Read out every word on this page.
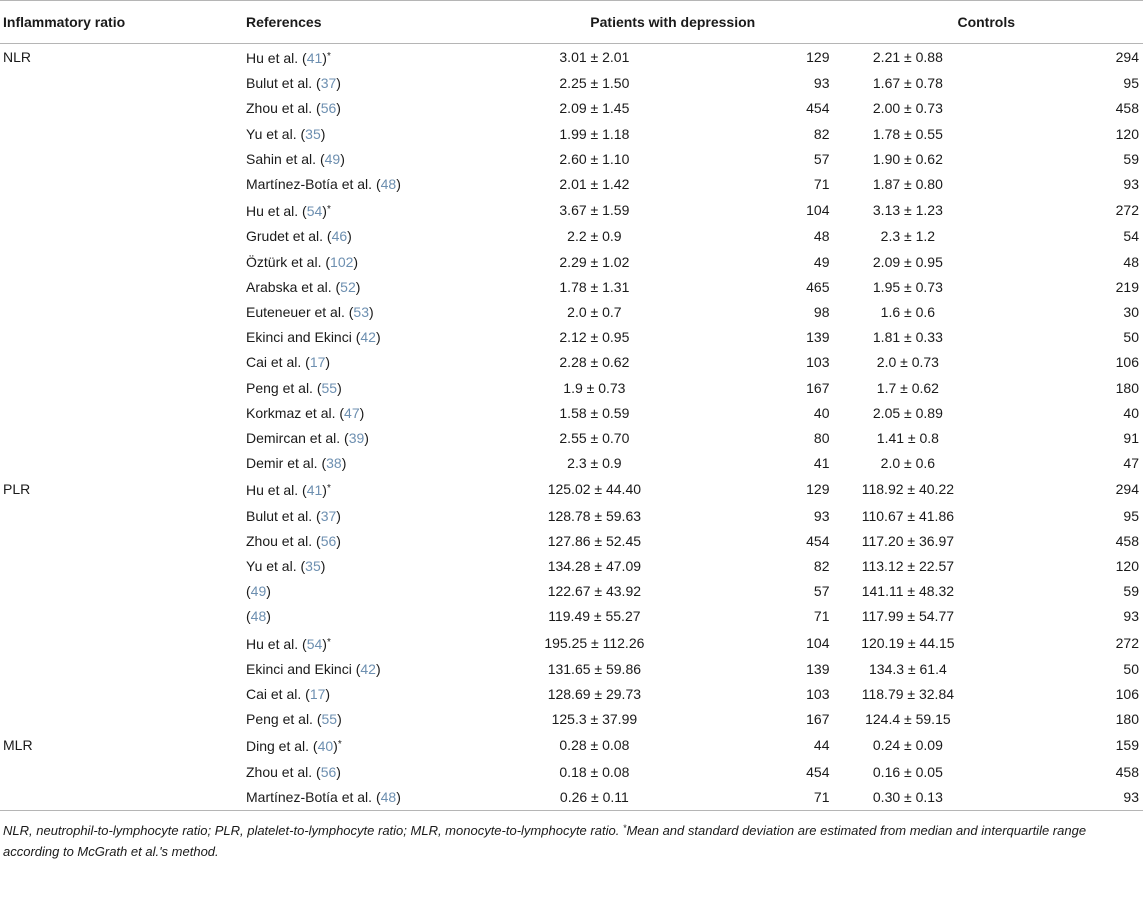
Inflammatory ratio	References	Patients with depression		Controls	
NLR	Hu et al. (41)*	3.01 ± 2.01	129	2.21 ± 0.88	294
	Bulut et al. (37)	2.25 ± 1.50	93	1.67 ± 0.78	95
	Zhou et al. (56)	2.09 ± 1.45	454	2.00 ± 0.73	458
	Yu et al. (35)	1.99 ± 1.18	82	1.78 ± 0.55	120
	Sahin et al. (49)	2.60 ± 1.10	57	1.90 ± 0.62	59
	Martínez-Botía et al. (48)	2.01 ± 1.42	71	1.87 ± 0.80	93
	Hu et al. (54)*	3.67 ± 1.59	104	3.13 ± 1.23	272
	Grudet et al. (46)	2.2 ± 0.9	48	2.3 ± 1.2	54
	Öztürk et al. (102)	2.29 ± 1.02	49	2.09 ± 0.95	48
	Arabska et al. (52)	1.78 ± 1.31	465	1.95 ± 0.73	219
	Euteneuer et al. (53)	2.0 ± 0.7	98	1.6 ± 0.6	30
	Ekinci and Ekinci (42)	2.12 ± 0.95	139	1.81 ± 0.33	50
	Cai et al. (17)	2.28 ± 0.62	103	2.0 ± 0.73	106
	Peng et al. (55)	1.9 ± 0.73	167	1.7 ± 0.62	180
	Korkmaz et al. (47)	1.58 ± 0.59	40	2.05 ± 0.89	40
	Demircan et al. (39)	2.55 ± 0.70	80	1.41 ± 0.8	91
	Demir et al. (38)	2.3 ± 0.9	41	2.0 ± 0.6	47
PLR	Hu et al. (41)*	125.02 ± 44.40	129	118.92 ± 40.22	294
	Bulut et al. (37)	128.78 ± 59.63	93	110.67 ± 41.86	95
	Zhou et al. (56)	127.86 ± 52.45	454	117.20 ± 36.97	458
	Yu et al. (35)	134.28 ± 47.09	82	113.12 ± 22.57	120
	(49)	122.67 ± 43.92	57	141.11 ± 48.32	59
	(48)	119.49 ± 55.27	71	117.99 ± 54.77	93
	Hu et al. (54)*	195.25 ± 112.26	104	120.19 ± 44.15	272
	Ekinci and Ekinci (42)	131.65 ± 59.86	139	134.3 ± 61.4	50
	Cai et al. (17)	128.69 ± 29.73	103	118.79 ± 32.84	106
	Peng et al. (55)	125.3 ± 37.99	167	124.4 ± 59.15	180
MLR	Ding et al. (40)*	0.28 ± 0.08	44	0.24 ± 0.09	159
	Zhou et al. (56)	0.18 ± 0.08	454	0.16 ± 0.05	458
	Martínez-Botía et al. (48)	0.26 ± 0.11	71	0.30 ± 0.13	93
NLR, neutrophil-to-lymphocyte ratio; PLR, platelet-to-lymphocyte ratio; MLR, monocyte-to-lymphocyte ratio. *Mean and standard deviation are estimated from median and interquartile range according to McGrath et al.'s method.
